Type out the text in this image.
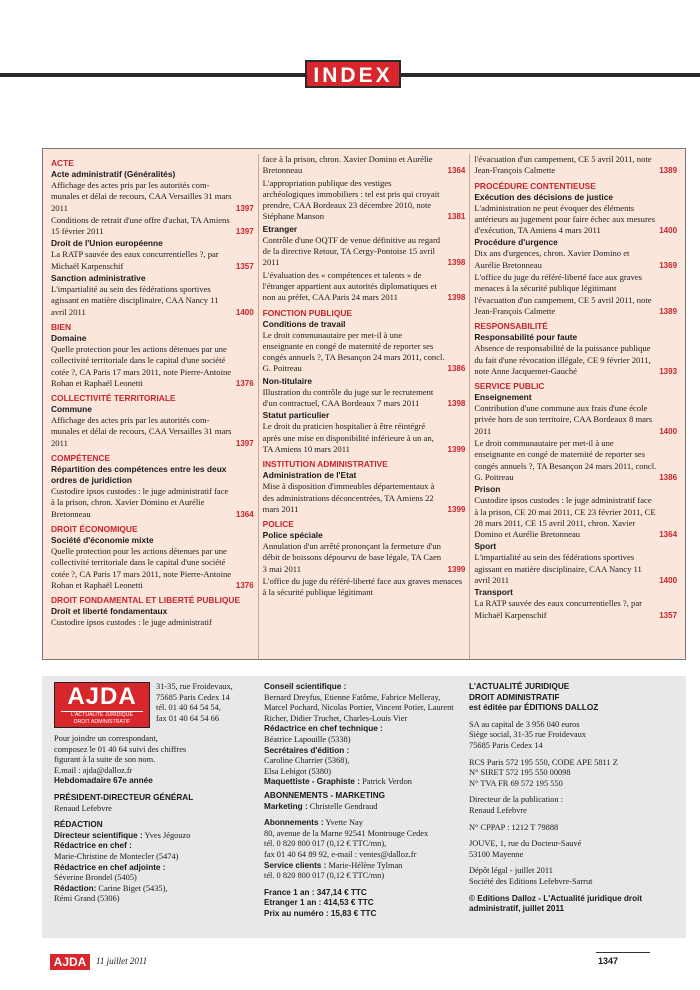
INDEX
ACTE
Acte administratif (Généralités)
Affichage des actes pris par les autorités com-munales et délai de recours, CAA Versailles 31 mars 2011	1397
Conditions de retrait d'une offre d'achat, TA Amiens 15 février 2011	1397
Droit de l'Union européenne
La RATP sauvée des eaux concurrentielles ?, par Michaël Karpenschif	1357
Sanction administrative
L'impartialité au sein des fédérations sportives agissant en matière disciplinaire, CAA Nancy 11 avril 2011	1400
BIEN
Domaine
Quelle protection pour les actions détenues par une collectivité territoriale dans le capital d'une société cotée ?, CA Paris 17 mars 2011, note Pierre-Antoine Rohan et Raphaël Leonetti	1376
COLLECTIVITÉ TERRITORIALE
Commune
Affichage des actes pris par les autorités com-munales et délai de recours, CAA Versailles 31 mars 2011	1397
COMPÉTENCE
Répartition des compétences entre les deux ordres de juridiction
Custodire ipsos custodes : le juge administratif face à la prison, chron. Xavier Domino et Aurélie Bretonneau	1364
DROIT ÉCONOMIQUE
Société d'économie mixte
Quelle protection pour les actions détenues par une collectivité territoriale dans le capital d'une société cotée ?, CA Paris 17 mars 2011, note Pierre-Antoine Rohan et Raphaël Leonetti	1376
DROIT FONDAMENTAL ET LIBERTÉ PUBLIQUE
Droit et liberté fondamentaux
Custodire ipsos custodes : le juge administratif
face à la prison, chron. Xavier Domino et Aurélie Bretonneau	1364
L'appropriation publique des vestiges archéologiques immobiliers : tel est pris qui croyait prendre, CAA Bordeaux 23 décembre 2010, note Stéphane Manson	1381
Etranger
Contrôle d'une OQTF de venue définitive au regard de la directive Retour, TA Cergy-Pontoise 15 avril 2011	1398
L'évaluation des « compétences et talents » de l'étranger appartient aux autorités diplomatiques et non au préfet, CAA Paris 24 mars 2011	1398
FONCTION PUBLIQUE
Conditions de travail
Le droit communautaire per met-il à une enseignante en congé de maternité de reporter ses congés annuels ?, TA Besançon 24 mars 2011, concl. G. Poitreau	1386
Non-titulaire
Illustration du contrôle du juge sur le recrutement d'un contractuel, CAA Bordeaux 7 mars 2011	1398
Statut particulier
Le droit du praticien hospitalier à être réintégré après une mise en disponibilité inférieure à un an, TA Amiens 10 mars 2011	1399
INSTITUTION ADMINISTRATIVE
Administration de l'Etat
Mise à disposition d'immeubles départementaux à des administrations déconcentrées, TA Amiens 22 mars 2011	1399
POLICE
Police spéciale
Annulation d'un arrêté prononçant la fermeture d'un débit de boissons dépourvu de base légale, TA Caen 3 mai 2011	1399
L'office du juge du référé-liberté face aux graves menaces à la sécurité publique légitimant
l'évacuation d'un campement, CE 5 avril 2011, note Jean-François Calmette	1389
PROCÉDURE CONTENTIEUSE
Exécution des décisions de justice
L'administration ne peut évoquer des éléments antérieurs au jugement pour faire échec aux mesures d'exécution, TA Amiens 4 mars 2011	1400
Procédure d'urgence
Dix ans d'urgences, chron. Xavier Domino et Aurélie Bretonneau	1369
L'office du juge du référé-liberté face aux graves menaces à la sécurité publique légitimant l'évacuation d'un campement, CE 5 avril 2011, note Jean-François Calmette	1389
RESPONSABILITÉ
Responsabilité pour faute
Absence de responsabilité de la puissance publique du fait d'une révocation illégale, CE 9 février 2011, note Anne Jacquemet-Gauché	1393
SERVICE PUBLIC
Enseignement
Contribution d'une commune aux frais d'une école privée hors de son territoire, CAA Bordeaux 8 mars 2011	1400
Le droit communautaire per met-il à une enseignante en congé de maternité de reporter ses congés annuels ?, TA Besançon 24 mars 2011, concl. G. Poitreau	1386
Prison
Custodire ipsos custodes : le juge administratif face à la prison, CE 20 mai 2011, CE 23 février 2011, CE 28 mars 2011, CE 15 avril 2011, chron. Xavier Domino et Aurélie Bretonneau	1364
Sport
L'impartialité au sein des fédérations sportives agissant en matière disciplinaire, CAA Nancy 11 avril 2011	1400
Transport
La RATP sauvée des eaux concurrentielles ?, par Michaël Karpenschif	1357
AJDA
L'ACTUALITÉ JURIDIQUE
DROIT ADMINISTRATIF
31-35, rue Froidevaux,
75685 Paris Cedex 14
tél. 01 40 64 54 54,
fax 01 40 64 54 66
Pour joindre un correspondant,
composez le 01 40 64 suivi des chiffres
figurant à la suite de son nom.
E.mail : ajda@dalloz.fr
Hebdomadaire 67e année
PRÉSIDENT-DIRECTEUR GÉNÉRAL
Renaud Lefebvre
RÉDACTION
Directeur scientifique : Yves Jégouzo
Rédactrice en chef :
Marie-Christine de Montecler (5474)
Rédactrice en chef adjointe :
Séverine Brondel (5405)
Rédaction: Carine Biget (5435),
Rémi Grand (5306)
Conseil scientifique :
Bernard Dreyfus, Etienne Fatôme, Fabrice Melleray, Marcel Pochard, Nicolas Portier, Vincent Potier, Laurent Richer, Didier Truchet, Charles-Louis Vier
Rédactrice en chef technique :
Béatrice Lapouille (5338)
Secrétaires d'édition :
Caroline Charrier (5368),
Elsa Lebigot (5380)
Maquettiste - Graphiste : Patrick Verdon
ABONNEMENTS - MARKETING
Marketing : Christelle Gendraud
Abonnements : Yvette Nay
80, avenue de la Marne 92541 Montrouge Cedex
tél. 0 820 800 017 (0,12 € TTC/mn),
fax 01 40 64 89 92, e-mail : ventes@dalloz.fr
Service clients : Marie-Hélène Tylman
tél. 0 820 800 017 (0,12 € TTC/mn)
France 1 an : 347,14 € TTC
Etranger 1 an : 414,53 € TTC
Prix au numéro : 15,83 € TTC
L'ACTUALITÉ JURIDIQUE
DROIT ADMINISTRATIF
est éditée par ÉDITIONS DALLOZ
SA au capital de 3 956 040 euros
Siège social, 31-35 rue Froidevaux
75685 Paris Cedex 14
RCS Paris 572 195 550, CODE APE 5811 Z
N° SIRET 572 195 550 00098
N° TVA FR 69 572 195 550
Directeur de la publication :
Renaud Lefebvre
N° CPPAP : 1212 T 79888
JOUVE, 1, rue du Docteur-Sauvé
53100 Mayenne
Dépôt légal - juillet 2011
Société des Editions Lefebvre-Sarrut
© Editions Dalloz - L'Actualité juridique droit administratif, juillet 2011
AJDA	11 juillet 2011	1347
